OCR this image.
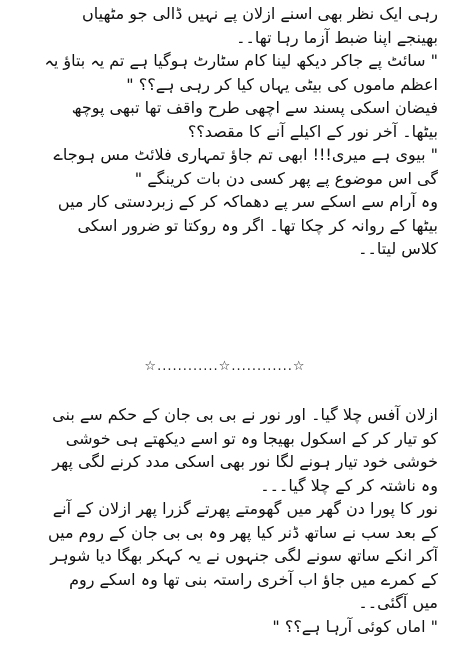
رہی ایک نظر بھی اسنے ازلان پے نہیں ڈالی جو مٹھیاں
بھینجے اپنا ضبط آزما رہا تھا۔۔
" سائٹ پے جاکر دیکھ لینا کام سٹارٹ ہوگیا ہے تم یہ بتاؤ یہ
اعظم ماموں کی بیٹی یہاں کیا کر رہی ہے؟؟ "
فیضان اسکی پسند سے اچھی طرح واقف تھا تبھی پوچھ
بیٹھا۔ آخر نور کے اکیلے آنے کا مقصد؟؟
" بیوی ہے میری!!! ابھی تم جاؤ تمہاری فلائٹ مس ہوجاے
گی اس موضوع پے پھر کسی دن بات کرینگے "
وہ آرام سے اسکے سر پے دھماکہ کر کے زبردستی کار میں
بیٹھا کے روانہ کر چکا تھا۔ اگر وہ روکتا تو ضرور اسکی
کلاس لیتا۔۔
☆............☆............☆
ازلان آفس چلا گیا۔ اور نور نے بی بی جان کے حکم سے بنی
کو تیار کر کے اسکول بھیجا وہ تو اسے دیکھتے ہی خوشی
خوشی خود تیار ہونے لگا نور بھی اسکی مدد کرنے لگی پھر
وہ ناشتہ کر کے چلا گیا۔۔۔
نور کا پورا دن گھر میں گھومتے پھرتے گزرا پھر ازلان کے آنے
کے بعد سب نے ساتھ ڈنر کیا پھر وہ بی بی جان کے روم میں
آکر انکے ساتھ سونے لگی جنہوں نے یہ کہکر بھگا دیا شوہر
کے کمرے میں جاؤ اب آخری راستہ بنی تھا وہ اسکے روم
میں آگئی۔۔
" اماں کوئی آرہا ہے؟؟ "
